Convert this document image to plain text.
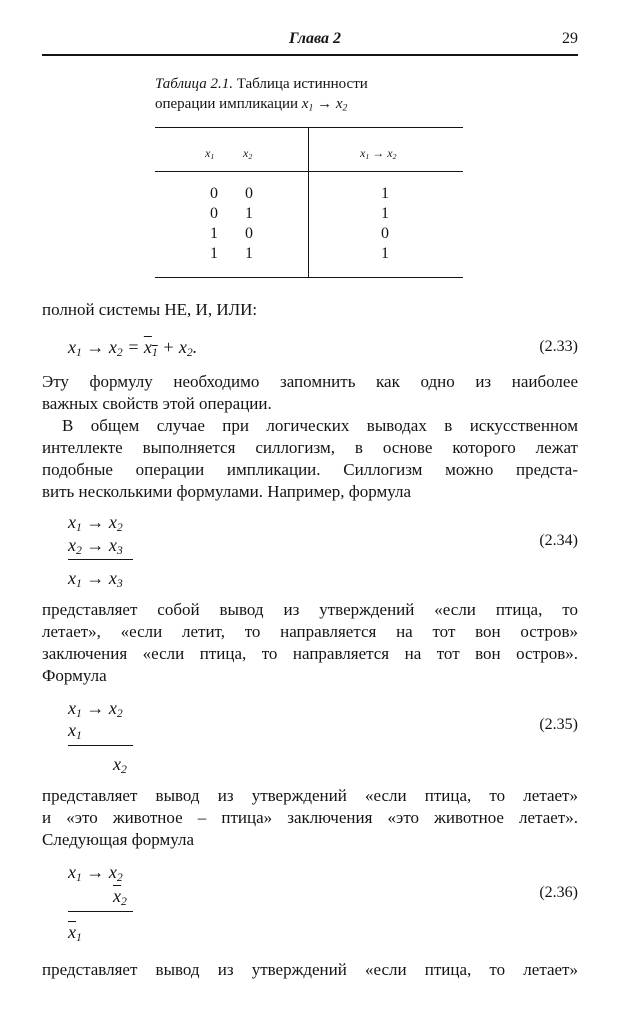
Глава 2	29
Таблица 2.1. Таблица истинности
операции импликации $x_1 \to x_2$
$x_1$ $x_2$	$x_1 \to x_2$
0	0	1
0	1	1
1	0	0
1	1	1
полной системы НЕ, И, ИЛИ:
$x_1 \to x_2 = x_1 + x_2$.	(2.33)
Эту формулу необходимо запомнить как одно из наиболее
важных свойств этой операции.
В общем случае при логических выводах в искусственном
интеллекте выполняется силлогизм, в основе которого лежат
подобные операции импликации. Силлогизм можно предста-
вить несколькими формулами. Например, формула
$x_1 \to x_2$
$x_2 \to x_3$
$x_1 \to x_3$
(2.34)
представляет собой вывод из утверждений «если птица, то
летает», «если летит, то направляется на тот вон остров»
заключения «если птица, то направляется на тот вон остров».
Формула
$x_1 \to x_2$
$x_1$
$x_2$
(2.35)
представляет вывод из утверждений «если птица, то летает»
и «это животное – птица» заключения «это животное летает».
Следующая формула
$x_1 \to x_2$
$\overline{x}_2$
$\overline{x}_1$
(2.36)
представляет вывод из утверждений «если птица, то летает»
